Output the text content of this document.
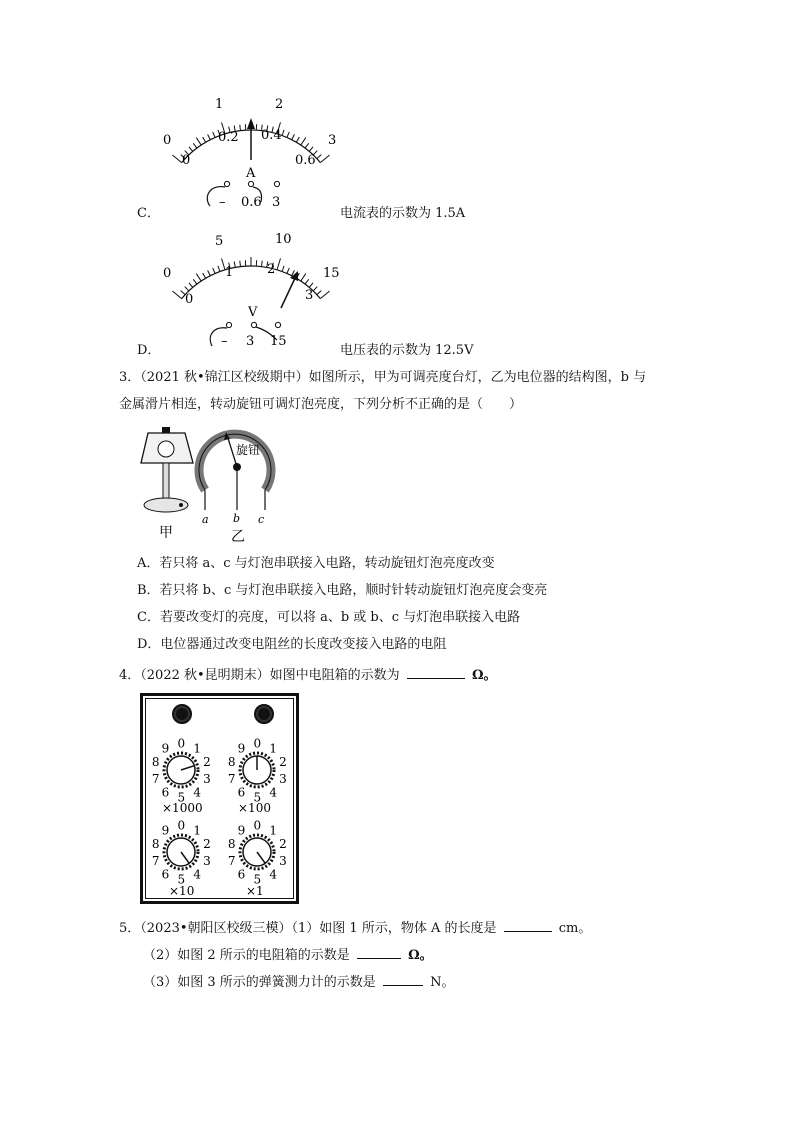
0
1	2
3
0
0.2 0.4
0.6
A
– 0.6 3
C．	电流表的示数为 1.5A
0
5	10
15
0
1	2
3
V
– 3 15
D．	电压表的示数为 12.5V
3．（2021 秋•锦江区校级期中）如图所示，甲为可调亮度台灯，乙为电位器的结构图，b 与
金属滑片相连，转动旋钮可调灯泡亮度，下列分析不正确的是（　　）
甲
旋钮
a b c
乙
A．若只将 a、c 与灯泡串联接入电路，转动旋钮灯泡亮度改变
B．若只将 b、c 与灯泡串联接入电路，顺时针转动旋钮灯泡亮度会变亮
C．若要改变灯的亮度，可以将 a、b 或 b、c 与灯泡串联接入电路
D．电位器通过改变电阻丝的长度改变接入电路的电阻
4．（2022 秋•昆明期末）如图中电阻箱的示数为	Ω。
0 1
2
3
4
5
6
7
8
9	0 1
2
3
4
5
6
7
8
9
0 1
2
3
4
5
6
7
8
9	0 1
2
3
4
5
6
7
8
9
×1000	×100
×10	×1
5．（2023•朝阳区校级三模）（1）如图 1 所示，物体 A 的长度是	cm。
（2）如图 2 所示的电阻箱的示数是	Ω。
（3）如图 3 所示的弹簧测力计的示数是	N。
